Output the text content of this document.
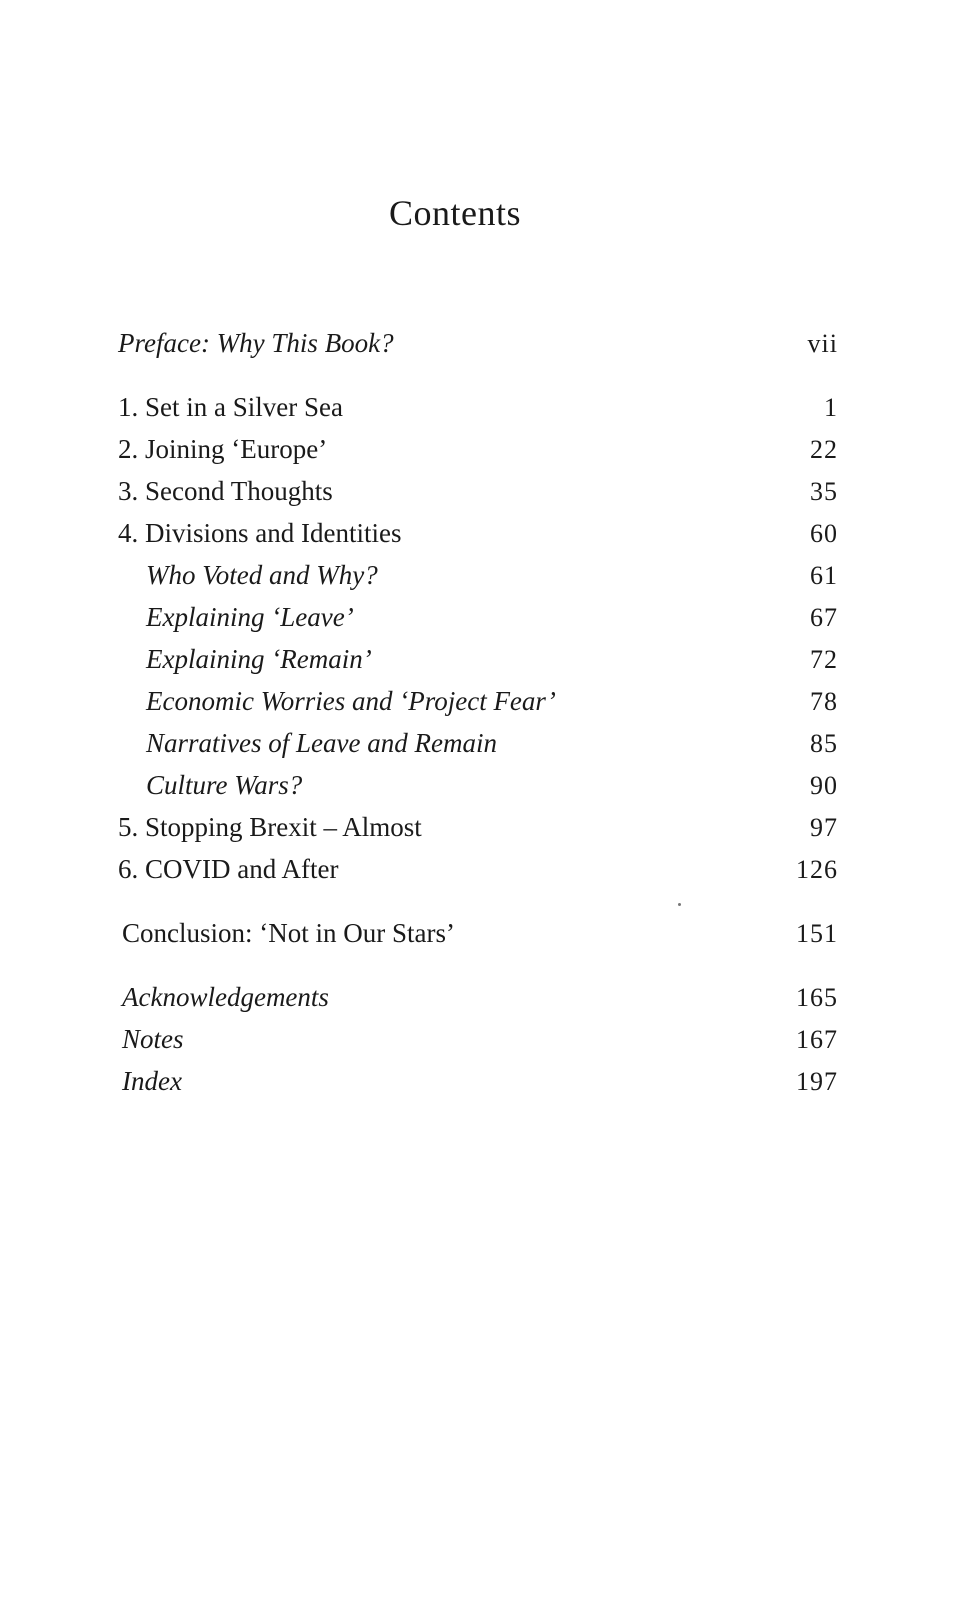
Contents
Preface: Why This Book?	vii
1. Set in a Silver Sea	1
2. Joining ‘Europe’	22
3. Second Thoughts	35
4. Divisions and Identities	60
Who Voted and Why?	61
Explaining ‘Leave’	67
Explaining ‘Remain’	72
Economic Worries and ‘Project Fear’	78
Narratives of Leave and Remain	85
Culture Wars?	90
5. Stopping Brexit – Almost	97
6. COVID and After	126
Conclusion: ‘Not in Our Stars’	151
Acknowledgements	165
Notes	167
Index	197
